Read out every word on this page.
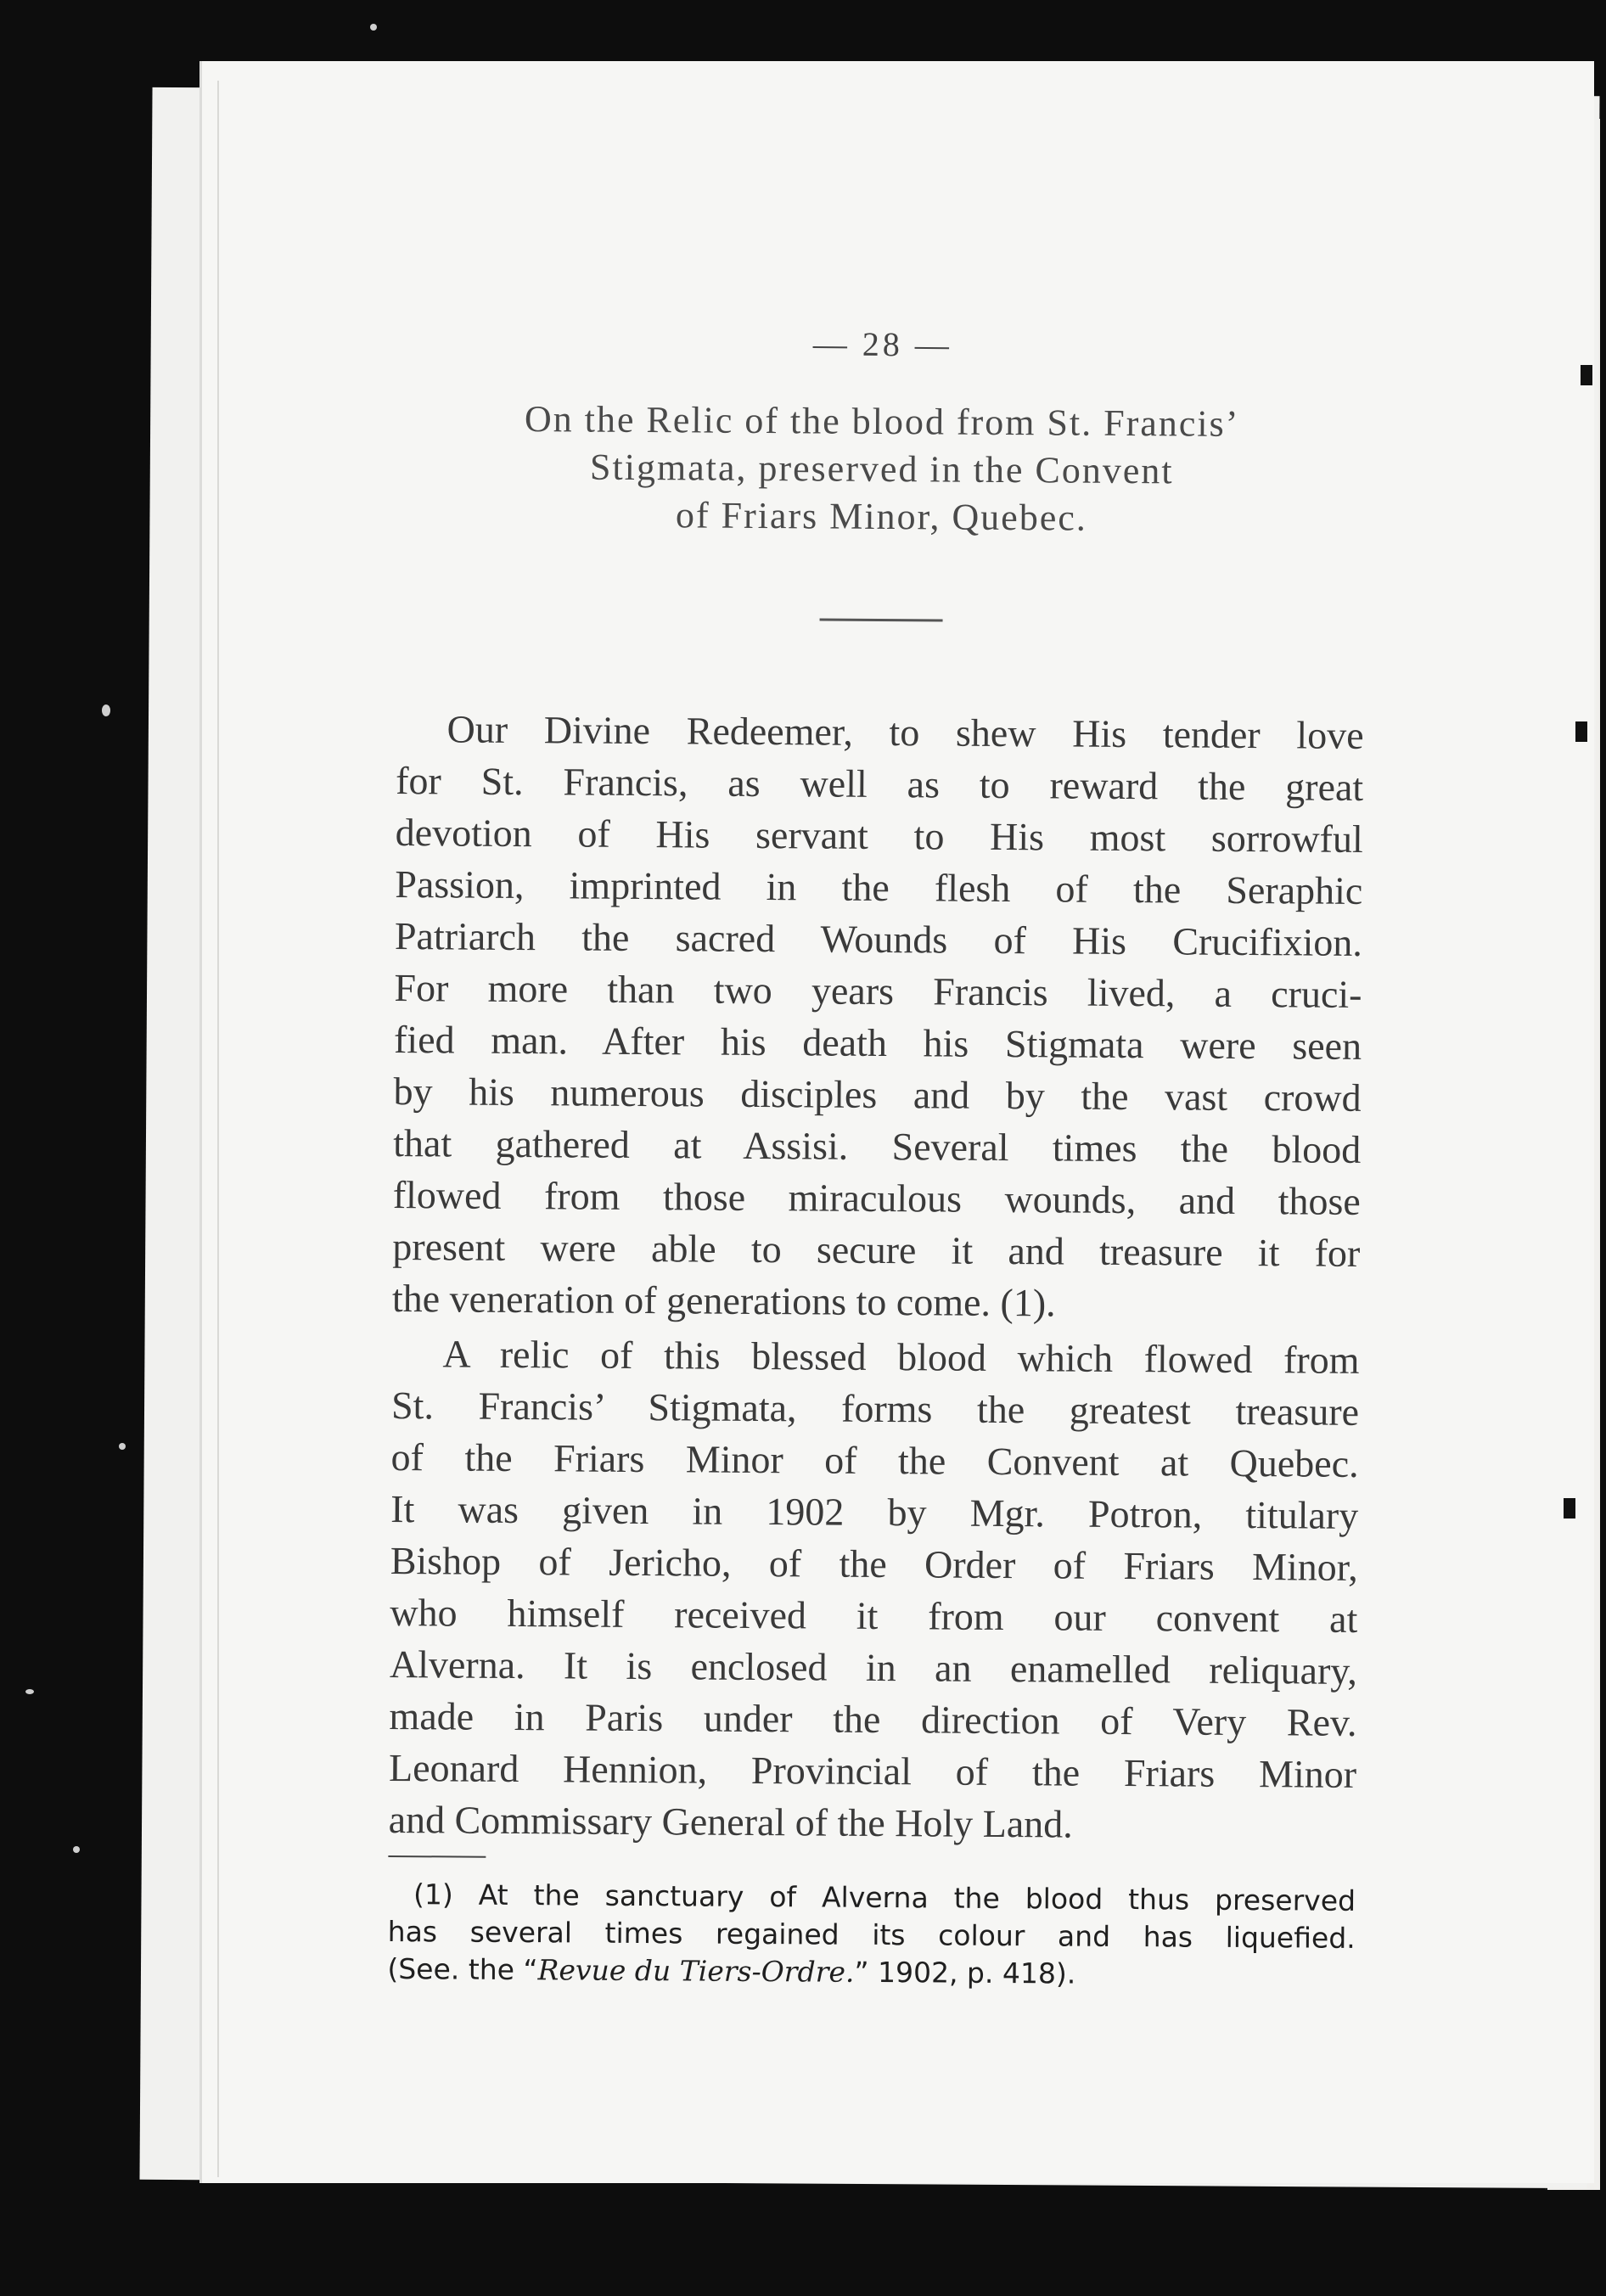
— 28 —

On the Relic of the blood from St. Francis’
Stigmata, preserved in the Convent
of Friars Minor, Quebec.
Our Divine Redeemer, to shew His tender love
for St. Francis, as well as to reward the great
devotion of His servant to His most sorrowful
Passion, imprinted in the flesh of the Seraphic
Patriarch the sacred Wounds of His Crucifixion.
For more than two years Francis lived, a cruci-
fied man. After his death his Stigmata were seen
by his numerous disciples and by the vast crowd
that gathered at Assisi. Several times the blood
flowed from those miraculous wounds, and those
present were able to secure it and treasure it for
the veneration of generations to come. (1).
A relic of this blessed blood which flowed from
St. Francis’ Stigmata, forms the greatest treasure
of the Friars Minor of the Convent at Quebec.
It was given in 1902 by Mgr. Potron, titulary
Bishop of Jericho, of the Order of Friars Minor,
who himself received it from our convent at
Alverna. It is enclosed in an enamelled reliquary,
made in Paris under the direction of Very Rev.
Leonard Hennion, Provincial of the Friars Minor
and Commissary General of the Holy Land.
(1) At the sanctuary of Alverna the blood thus preserved
has several times regained its colour and has liquefied.
(See. the “Revue du Tiers-Ordre.” 1902, p. 418).
